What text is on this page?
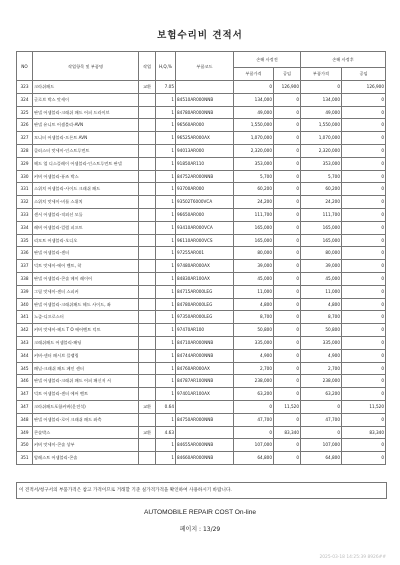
보험수리비 견적서
NO	작업항목 및 부품명	작업	H,Q,%	부품코드	손해 사정전		손해 사정후	
					부품가격	공임	부품가격	공임
323	크라쉬패드	교환	7.05		0	126,900	0	126,900
324	글로브 박스 맛세이		1	84510AR000NNB	134,000	0	134,000	0
325	판넬 어셈블리-크래쉬 패드 어퍼 드라이브		1	84780AR000NNB	49,000	0	49,000	0
326	판넬 유니트 어셈블리-AVN		1	96560AR000	1,550,000	0	1,550,000	0
327	모니터 어셈블리-프론트 AVN		1	96525AR000AX	1,070,000	0	1,070,000	0
328	클러스터 맛세이-인스트루먼트		1	94013AR000	2,320,000	0	2,320,000	0
329	헤드 업 디스플레이 어셈블리-인스트루먼트 판넬		1	91850AR110	353,000	0	353,000	0
330	커버 어셈블리-퓨즈 박스		1	84752AR000NNB	5,700	0	5,700	0
331	스위치 어셈블리-사이드 크래쉬 패드		1	93700AR000	60,200	0	60,200	0
332	스위치 맛세이-비틀 스위치		1	93502T6000VCA	24,200	0	24,200	0
333	센서 어셈블리-적외선 모듈		1	96650AR000	111,700	0	111,700	0
334	레버 어셈블리-컬럼 피프트		1	93410AR000VCA	165,000	0	165,000	0
335	리모트 어셈블리-오디오		1	96110AR000VCS	165,000	0	165,000	0
336	판넬 어셈블리-센터		1	97255AR001	80,000	0	80,000	0
337	덕트 맛세이-에어 벤트, 착		1	97480AR000AX	39,000	0	39,000	0
338	판넬 어셈블리-콘솔 메이 레이어		1	84830AR100AX	45,000	0	45,000	0
339	그릴 맛세이-센터 스피커		1	84715AR000LEG	11,000	0	11,000	0
340	판넬 어셈블리-크래쉬패드 헤드 사이드, 좌		1	84780AR000LEG	4,800	0	4,800	0
341	노즐-디프로스터		1	97350AR000LEG	8,700	0	8,700	0
342	커버 맛세이-헤드 T O 에어벤트 덕트		1	97470AR100	50,800	0	50,800	0
343	크래쉬패드 어셈블리-패딩		1	84710AR000NNB	335,000	0	335,000	0
344	커버-센터 패시브 플랩링		1	84744AR000NNB	4,900	0	4,900	0
345	패널-크래쉬 패드 페인 센터		1	84760AR000AX	2,700	0	2,700	0
346	판넬 어셈블리-크래쉬 패드 어퍼 패신저 서		1	84787AR100NNB	238,000	0	238,000	0
347	덕트 어셈블리-센터 에어 벤트		1	97401AR100AX	63,200	0	63,200	0
347	크라쉬패드포함커버(운전석)	교환	0.64		0	11,520	0	11,520
348	판넬 어셈블리-로어 크래쉬 패드 좌측		1	84750AR000NNB	47,700	0	47,700	0
349	콘솔박스	교환	4.63		0	83,340	0	83,340
350	커버 맛세이-콘솔 상부		1	84655AR000NNB	107,000	0	107,000	0
351	암레스트 어셈블리-콘솔		1	84660AR000NNB	64,800	0	64,800	0
이 견적서/청구서의 부품가격은 참고 가격이므로 거래할 기준 실가격가격을 확인하여 사용하시기 바랍니다.
AUTOMOBILE REPAIR COST On-line
페이지 : 13/29
2025-03-18 14:25:39 8926##
